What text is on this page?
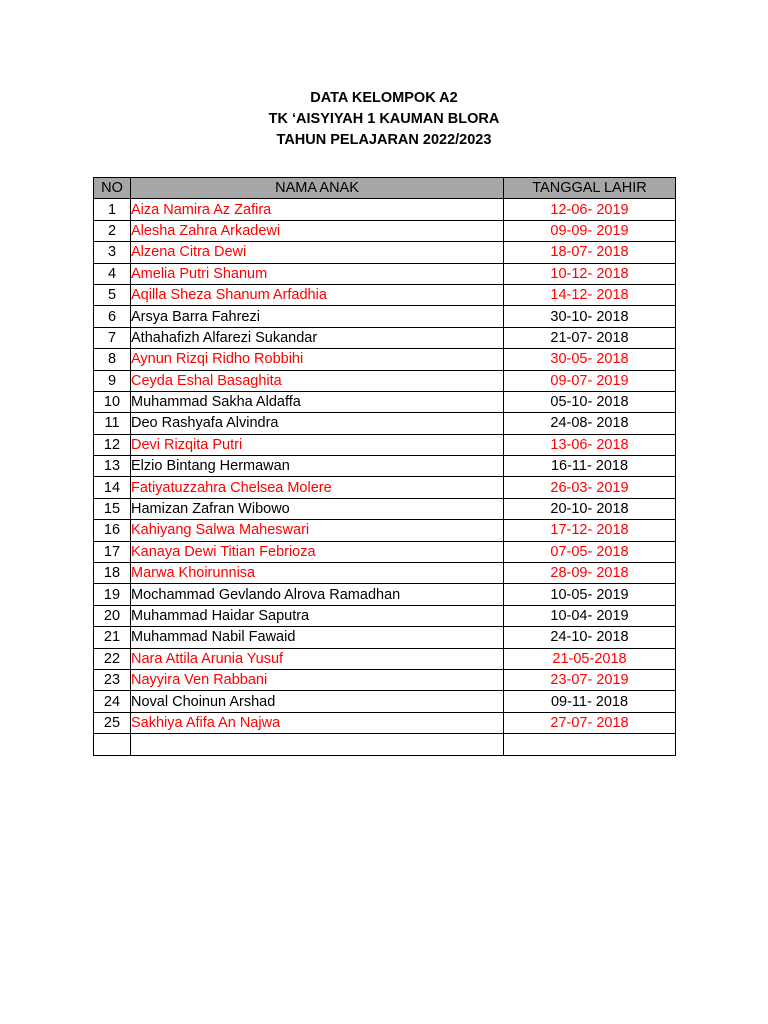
DATA KELOMPOK A2
TK ‘AISYIYAH 1 KAUMAN BLORA
TAHUN PELAJARAN 2022/2023
NO	NAMA ANAK	TANGGAL LAHIR
1	Aiza Namira Az Zafira	12-06- 2019
2	Alesha Zahra Arkadewi	09-09- 2019
3	Alzena Citra Dewi	18-07- 2018
4	Amelia Putri Shanum	10-12- 2018
5	Aqilla Sheza Shanum Arfadhia	14-12- 2018
6	Arsya Barra Fahrezi	30-10- 2018
7	Athahafizh Alfarezi Sukandar	21-07- 2018
8	Aynun Rizqi Ridho Robbihi	30-05- 2018
9	Ceyda Eshal Basaghita	09-07- 2019
10	Muhammad Sakha Aldaffa	05-10- 2018
11	Deo Rashyafa Alvindra	24-08- 2018
12	Devi Rizqita Putri	13-06- 2018
13	Elzio Bintang Hermawan	16-11- 2018
14	Fatiyatuzzahra Chelsea Molere	26-03- 2019
15	Hamizan Zafran Wibowo	20-10- 2018
16	Kahiyang Salwa Maheswari	17-12- 2018
17	Kanaya Dewi Titian Febrioza	07-05- 2018
18	Marwa Khoirunnisa	28-09- 2018
19	Mochammad Gevlando Alrova Ramadhan	10-05- 2019
20	Muhammad Haidar Saputra	10-04- 2019
21	Muhammad Nabil Fawaid	24-10- 2018
22	Nara Attila Arunia Yusuf	21-05-2018
23	Nayyira Ven Rabbani	23-07- 2019
24	Noval Choinun Arshad	09-11- 2018
25	Sakhiya Afifa An Najwa	27-07- 2018
